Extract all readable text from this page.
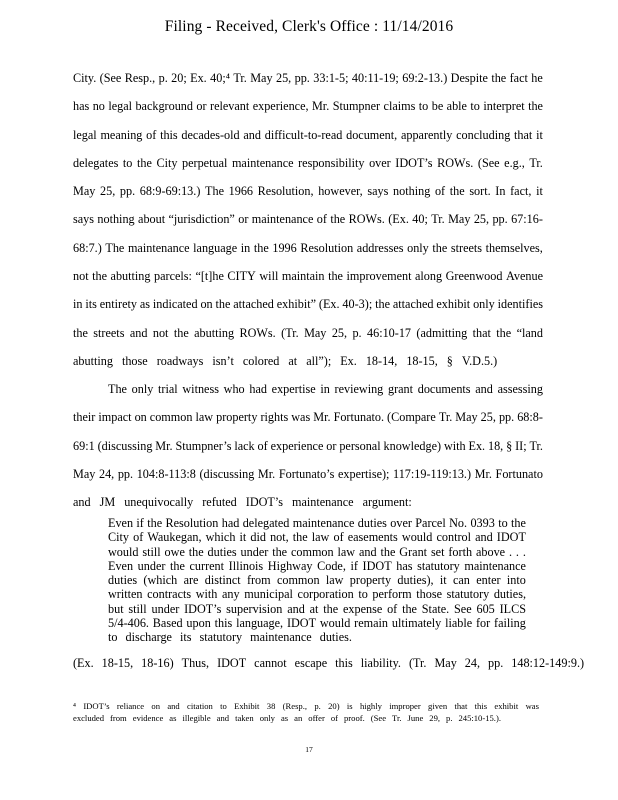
Filing - Received, Clerk's Office : 11/14/2016
City. (See Resp., p. 20; Ex. 40;⁴ Tr. May 25, pp. 33:1-5; 40:11-19; 69:2-13.) Despite the fact he
has no legal background or relevant experience, Mr. Stumpner claims to be able to interpret the
legal meaning of this decades-old and difficult-to-read document, apparently concluding that it
delegates to the City perpetual maintenance responsibility over IDOT’s ROWs. (See e.g., Tr.
May 25, pp. 68:9-69:13.) The 1966 Resolution, however, says nothing of the sort. In fact, it
says nothing about “jurisdiction” or maintenance of the ROWs. (Ex. 40; Tr. May 25, pp. 67:16-
68:7.) The maintenance language in the 1996 Resolution addresses only the streets themselves,
not the abutting parcels: “[t]he CITY will maintain the improvement along Greenwood Avenue
in its entirety as indicated on the attached exhibit” (Ex. 40-3); the attached exhibit only identifies
the streets and not the abutting ROWs. (Tr. May 25, p. 46:10-17 (admitting that the “land
abutting those roadways isn’t colored at all”); Ex. 18-14, 18-15, § V.D.5.)
The only trial witness who had expertise in reviewing grant documents and assessing
their impact on common law property rights was Mr. Fortunato. (Compare Tr. May 25, pp. 68:8-
69:1 (discussing Mr. Stumpner’s lack of experience or personal knowledge) with Ex. 18, § II; Tr.
May 24, pp. 104:8-113:8 (discussing Mr. Fortunato’s expertise); 117:19-119:13.) Mr. Fortunato
and JM unequivocally refuted IDOT’s maintenance argument:
Even if the Resolution had delegated maintenance duties over Parcel No. 0393 to the
City of Waukegan, which it did not, the law of easements would control and IDOT
would still owe the duties under the common law and the Grant set forth above . . .
Even under the current Illinois Highway Code, if IDOT has statutory maintenance
duties (which are distinct from common law property duties), it can enter into
written contracts with any municipal corporation to perform those statutory duties,
but still under IDOT’s supervision and at the expense of the State. See 605 ILCS
5/4-406. Based upon this language, IDOT would remain ultimately liable for failing
to discharge its statutory maintenance duties.
(Ex. 18-15, 18-16) Thus, IDOT cannot escape this liability. (Tr. May 24, pp. 148:12-149:9.)
⁴ IDOT’s reliance on and citation to Exhibit 38 (Resp., p. 20) is highly improper given that this exhibit was
excluded from evidence as illegible and taken only as an offer of proof. (See Tr. June 29, p. 245:10-15.).
17
